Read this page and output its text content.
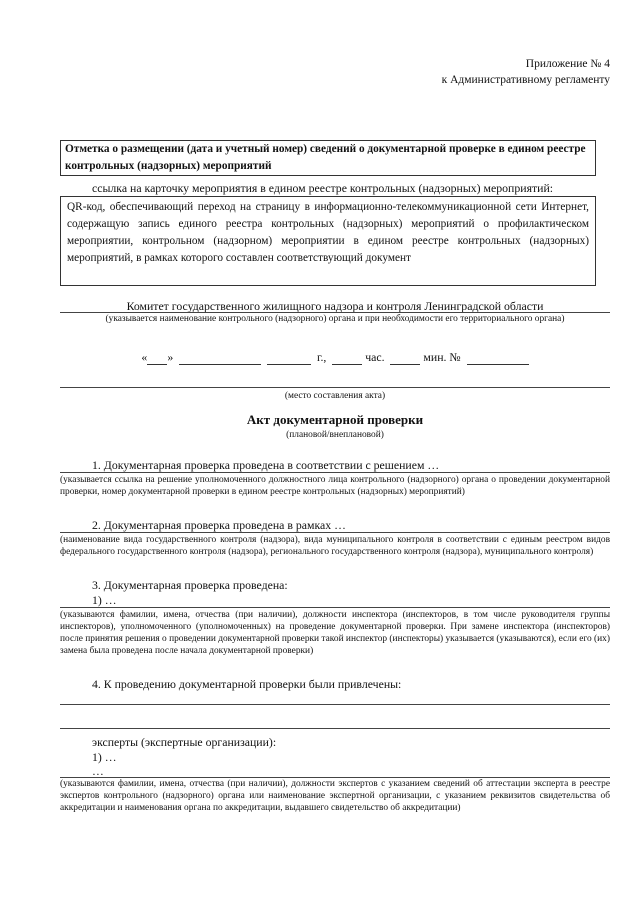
Приложение № 4
к Административному регламенту
Отметка о размещении (дата и учетный номер) сведений о документарной проверке в едином реестре контрольных (надзорных) мероприятий
ссылка на карточку мероприятия в едином реестре контрольных (надзорных) мероприятий:
QR-код, обеспечивающий переход на страницу в информационно-телекоммуникационной сети Интернет, содержащую запись единого реестра контрольных (надзорных) мероприятий о профилактическом мероприятии, контрольном (надзорном) мероприятии в едином реестре контрольных (надзорных) мероприятий, в рамках которого составлен соответствующий документ
Комитет государственного жилищного надзора и контроля Ленинградской области
(указывается наименование контрольного (надзорного) органа и при необходимости его территориального органа)
« »	г.,	час.	мин. №
(место составления акта)
Акт документарной проверки
(плановой/внеплановой)
1. Документарная проверка проведена в соответствии с решением …
(указывается ссылка на решение уполномоченного должностного лица контрольного (надзорного) органа о проведении документарной проверки, номер документарной проверки в едином реестре контрольных (надзорных) мероприятий)
2. Документарная проверка проведена в рамках …
(наименование вида государственного контроля (надзора), вида муниципального контроля в соответствии с единым реестром видов федерального государственного контроля (надзора), регионального государственного контроля (надзора), муниципального контроля)
3. Документарная проверка проведена:
1) …
(указываются фамилии, имена, отчества (при наличии), должности инспектора (инспекторов, в том числе руководителя группы инспекторов), уполномоченного (уполномоченных) на проведение документарной проверки. При замене инспектора (инспекторов) после принятия решения о проведении документарной проверки такой инспектор (инспекторы) указывается (указываются), если его (их) замена была проведена после начала документарной проверки)
4. К проведению документарной проверки были привлечены:
эксперты (экспертные организации):
1) …
…
(указываются фамилии, имена, отчества (при наличии), должности экспертов с указанием сведений об аттестации эксперта в реестре экспертов контрольного (надзорного) органа или наименование экспертной организации, с указанием реквизитов свидетельства об аккредитации и наименования органа по аккредитации, выдавшего свидетельство об аккредитации)
